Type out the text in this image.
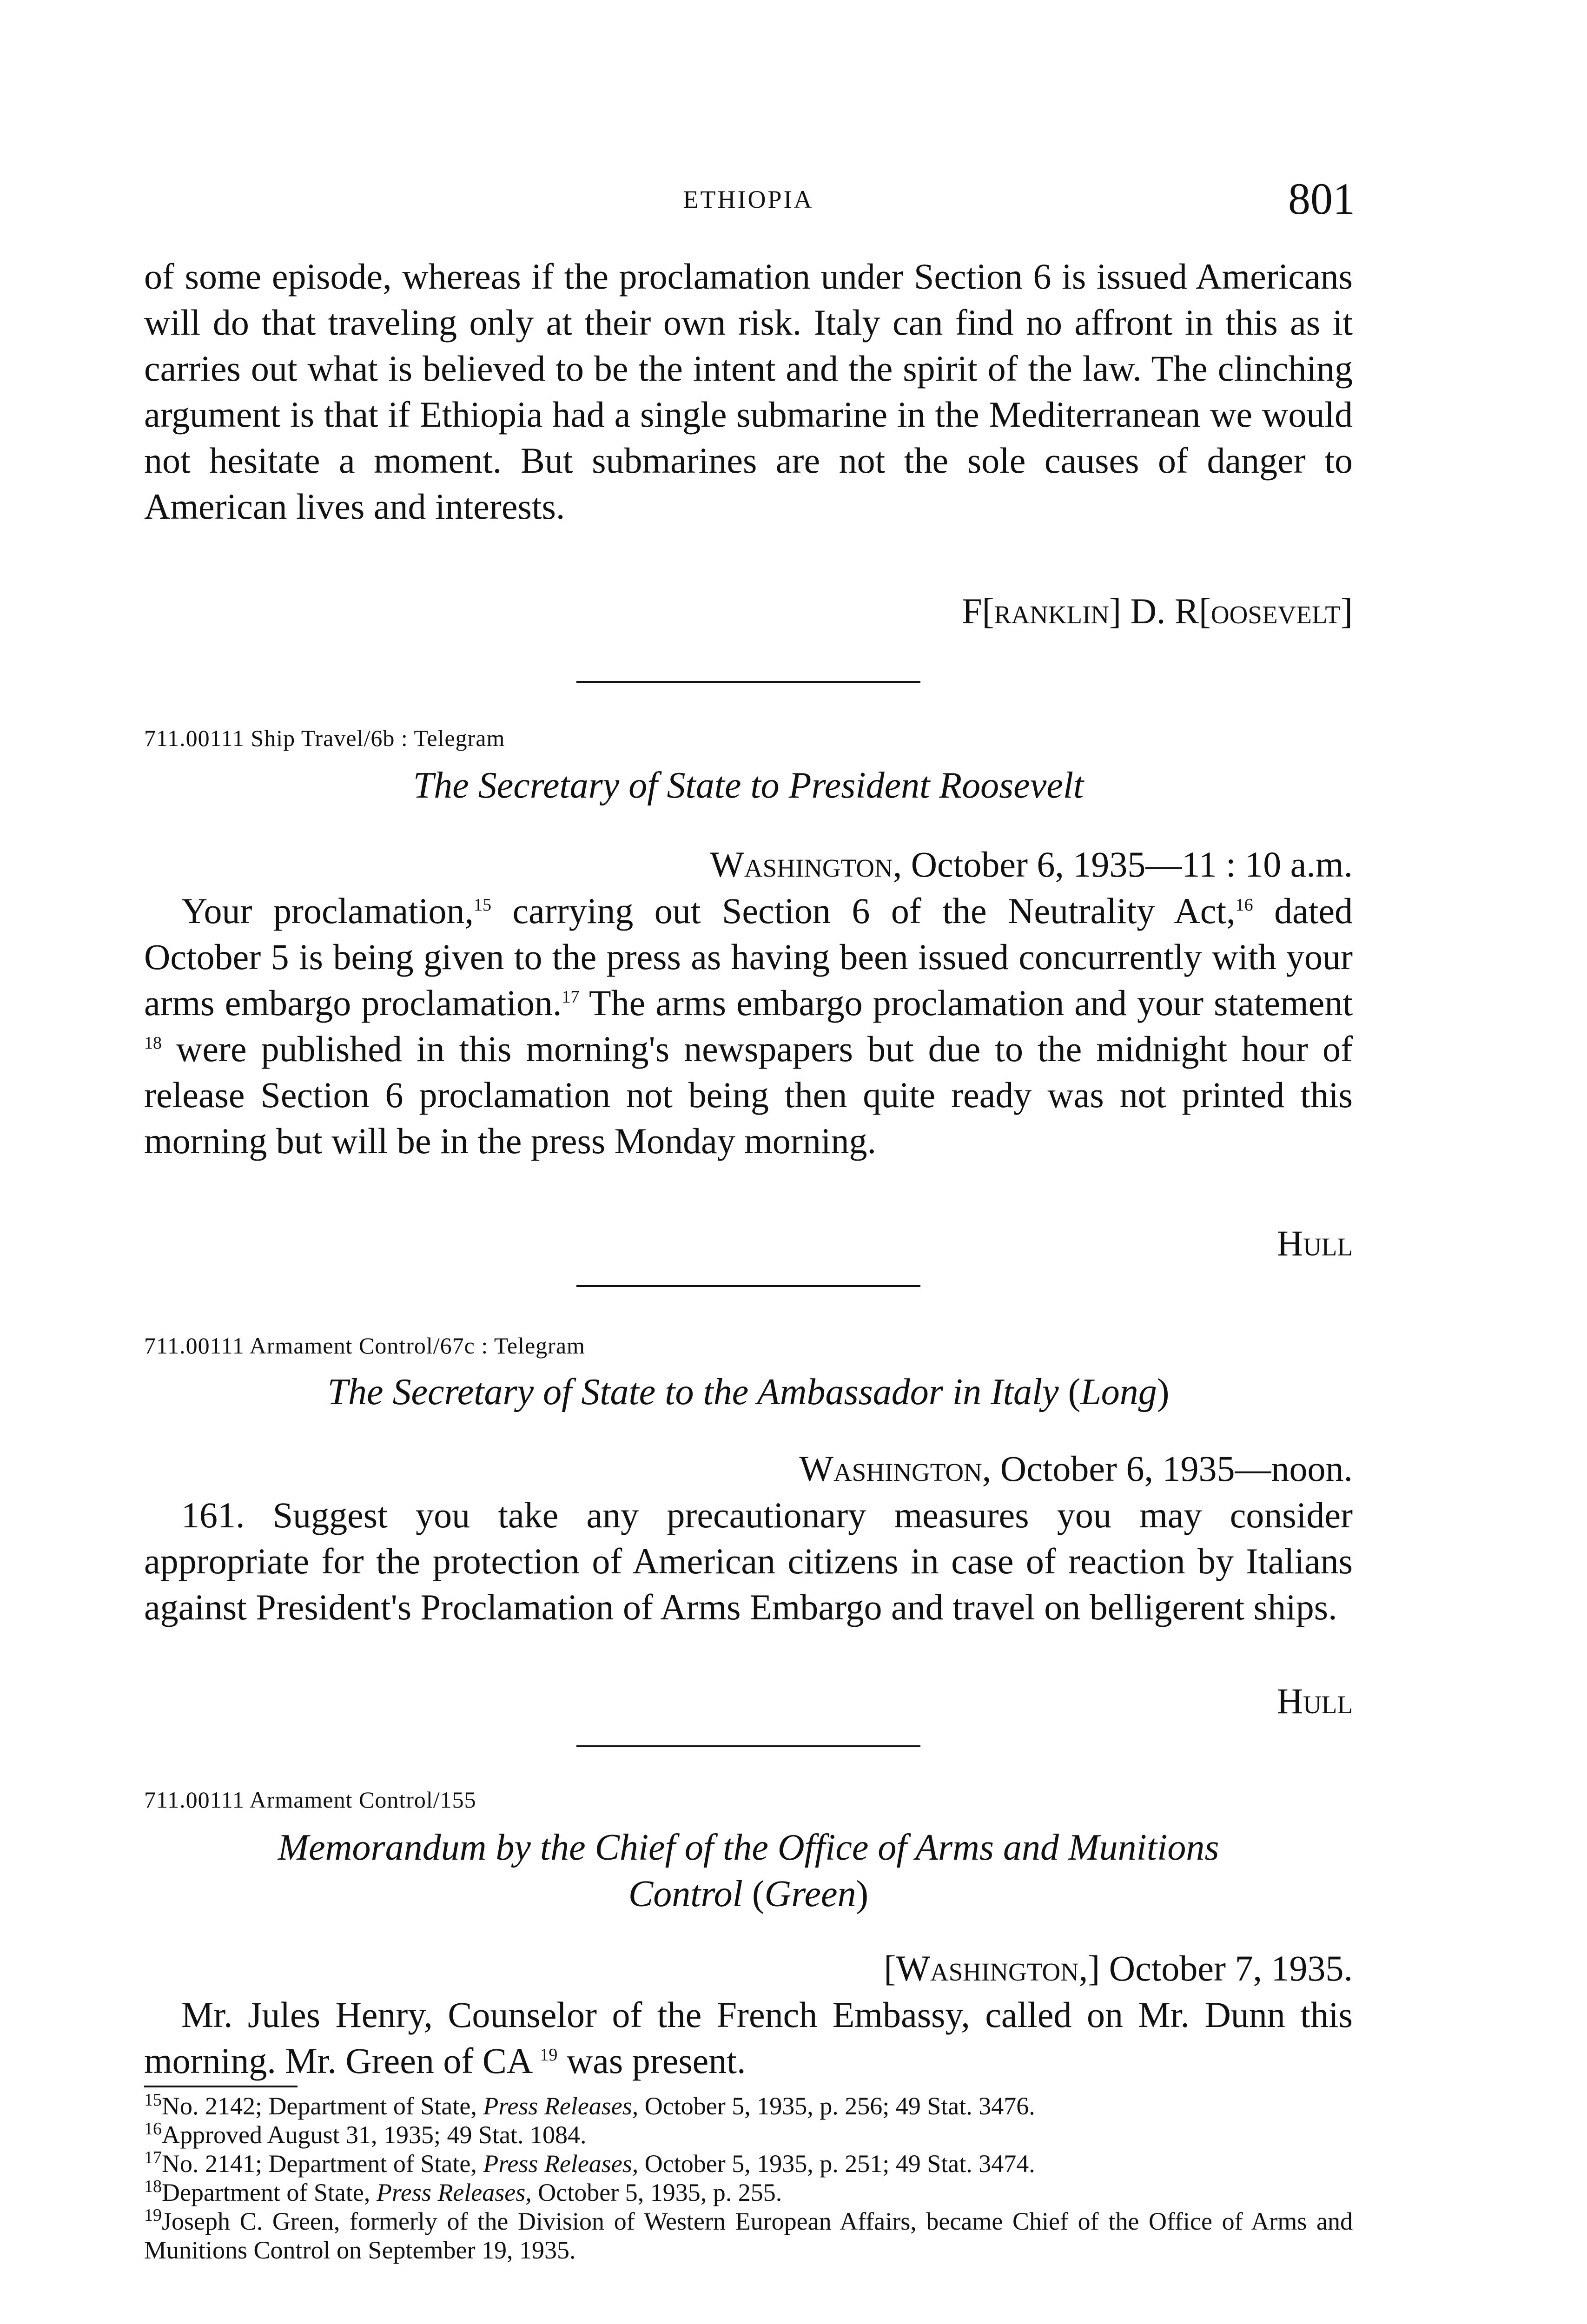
ETHIOPIA	801

of some episode, whereas if the proclamation under Section 6 is issued Americans will do that traveling only at their own risk. Italy can find no affront in this as it carries out what is believed to be the intent and the spirit of the law. The clinching argument is that if Ethiopia had a single submarine in the Mediterranean we would not hesitate a moment. But submarines are not the sole causes of danger to American lives and interests.

F[ranklin] D. R[oosevelt]
711.00111 Ship Travel/6b : Telegram

The Secretary of State to President Roosevelt

Washington, October 6, 1935—11 : 10 a.m.

Your proclamation,$^{15}$ carrying out Section 6 of the Neutrality Act,$^{16}$ dated October 5 is being given to the press as having been issued concurrently with your arms embargo proclamation.$^{17}$ The arms embargo proclamation and your statement $^{18}$ were published in this morning's newspapers but due to the midnight hour of release Section 6 proclamation not being then quite ready was not printed this morning but will be in the press Monday morning.

Hull
711.00111 Armament Control/67c : Telegram

The Secretary of State to the Ambassador in Italy (Long)

Washington, October 6, 1935—noon.

161. Suggest you take any precautionary measures you may consider appropriate for the protection of American citizens in case of reaction by Italians against President's Proclamation of Arms Embargo and travel on belligerent ships.

Hull
711.00111 Armament Control/155
Memorandum by the Chief of the Office of Arms and Munitions
Control (Green)
[Washington,] October 7, 1935.

Mr. Jules Henry, Counselor of the French Embassy, called on Mr. Dunn this morning. Mr. Green of CA $^{19}$ was present.

$^{15}$No. 2142; Department of State, Press Releases, October 5, 1935, p. 256; 49 Stat. 3476.

$^{16}$Approved August 31, 1935; 49 Stat. 1084.

$^{17}$No. 2141; Department of State, Press Releases, October 5, 1935, p. 251; 49 Stat. 3474.

$^{18}$Department of State, Press Releases, October 5, 1935, p. 255.

$^{19}$Joseph C. Green, formerly of the Division of Western European Affairs, became Chief of the Office of Arms and Munitions Control on September 19, 1935.
